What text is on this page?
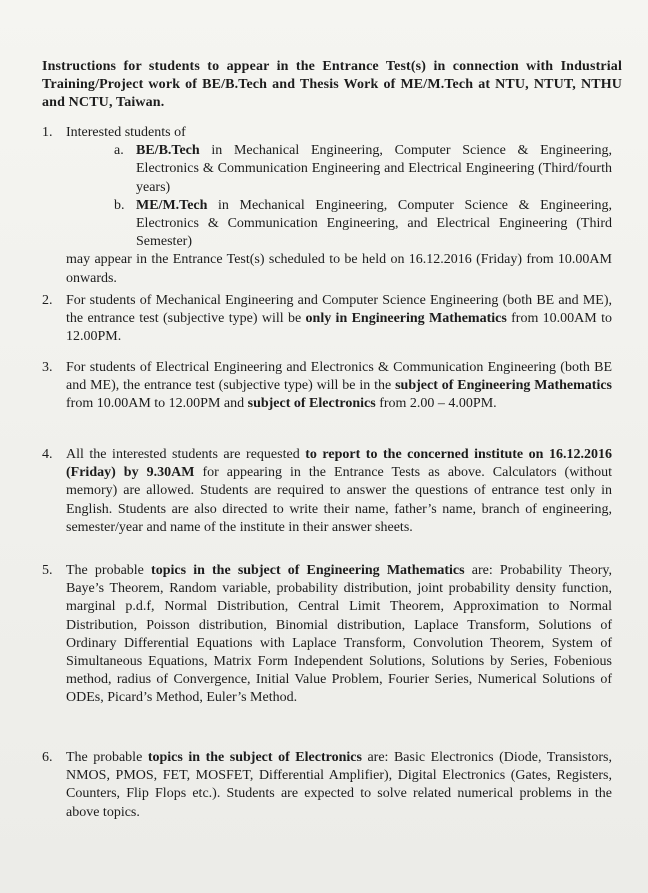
Instructions for students to appear in the Entrance Test(s) in connection with Industrial Training/Project work of BE/B.Tech and Thesis Work of ME/M.Tech at NTU, NTUT, NTHU and NCTU, Taiwan.
1. Interested students of
a. BE/B.Tech in Mechanical Engineering, Computer Science & Engineering, Electronics & Communication Engineering and Electrical Engineering (Third/fourth years)
b. ME/M.Tech in Mechanical Engineering, Computer Science & Engineering, Electronics & Communication Engineering, and Electrical Engineering (Third Semester)
may appear in the Entrance Test(s) scheduled to be held on 16.12.2016 (Friday) from 10.00AM onwards.
2. For students of Mechanical Engineering and Computer Science Engineering (both BE and ME), the entrance test (subjective type) will be only in Engineering Mathematics from 10.00AM to 12.00PM.
3. For students of Electrical Engineering and Electronics & Communication Engineering (both BE and ME), the entrance test (subjective type) will be in the subject of Engineering Mathematics from 10.00AM to 12.00PM and subject of Electronics from 2.00 – 4.00PM.
4. All the interested students are requested to report to the concerned institute on 16.12.2016 (Friday) by 9.30AM for appearing in the Entrance Tests as above. Calculators (without memory) are allowed. Students are required to answer the questions of entrance test only in English. Students are also directed to write their name, father’s name, branch of engineering, semester/year and name of the institute in their answer sheets.
5. The probable topics in the subject of Engineering Mathematics are: Probability Theory, Baye’s Theorem, Random variable, probability distribution, joint probability density function, marginal p.d.f, Normal Distribution, Central Limit Theorem, Approximation to Normal Distribution, Poisson distribution, Binomial distribution, Laplace Transform, Solutions of Ordinary Differential Equations with Laplace Transform, Convolution Theorem, System of Simultaneous Equations, Matrix Form Independent Solutions, Solutions by Series, Fobenious method, radius of Convergence, Initial Value Problem, Fourier Series, Numerical Solutions of ODEs, Picard’s Method, Euler’s Method.
6. The probable topics in the subject of Electronics are: Basic Electronics (Diode, Transistors, NMOS, PMOS, FET, MOSFET, Differential Amplifier), Digital Electronics (Gates, Registers, Counters, Flip Flops etc.). Students are expected to solve related numerical problems in the above topics.
